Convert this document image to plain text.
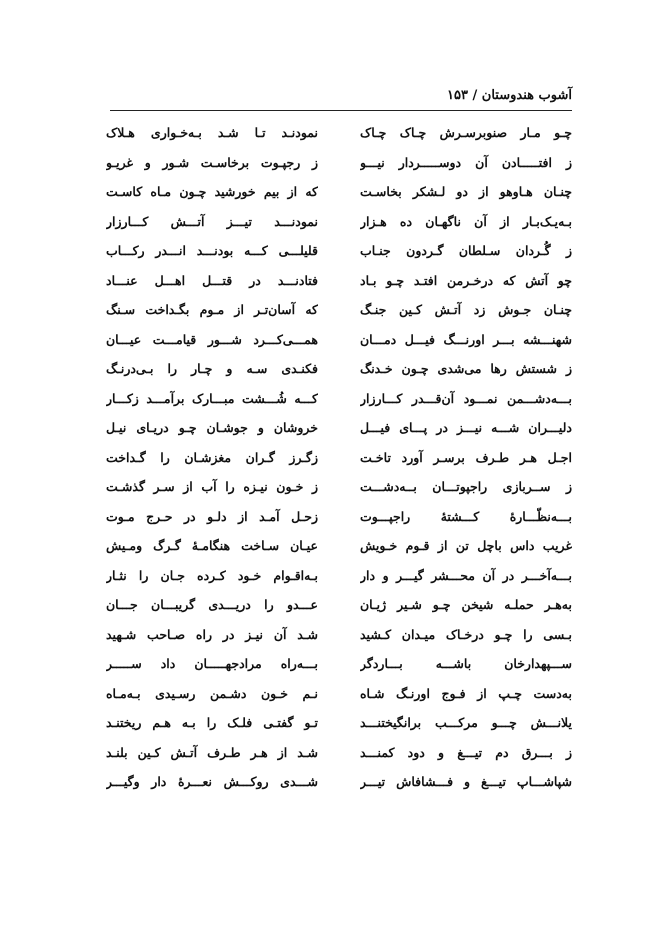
آشوب هندوستان / ۱۵۳
چـو مـار صنوبرسـرش چـاک چـاک
نمودنـد تـا شـد بـه‌خـواری هـلاک
ز افتـــــادن آن دوســـــردار نیـــو
ز رجپـوت برخاسـت شـور و غریـو
چنـان هـاوهو از دو لـشکر بخاسـت
که از بیم خورشید چـون مـاه کاسـت
بـه‌یـک‌بـار از آن ناگهـان ده هـزار
نمودنـــد تیـــز آتـــش کـــارزار
ز گُـردان سـلطان گـردون جنـاب
قلیلـــی کـــه بودنـــد انـــدر رکـــاب
چو آتش که درخـرمن افتـد چـو بـاد
فتادنـــد در قتـــل اهـــل عنـــاد
چنـان جـوش زد آتـش کـین جنـگ
که آسان‌تـر از مـوم بگـداخت سـنگ
شهنـــشه بـــر اورنـــگ فیـــل دمـــان
همـــی‌کـــرد شـــور قیامـــت عیـــان
ز شستش رها می‌شدی چـون خـدنگ
فکنـدی سـه و چـار را بـی‌درنـگ
بـــه‌دشـــمن نمـــود آن‌قـــدر کـــارزار
کـــه شُـــشت مبـــارک برآمـــد زکـــار
دلیـــران شـــه نیـــز در پـــای فیـــل
خروشان و جوشـان چـو دریـای نیـل
اجـل هـر طـرف برسـر آورد تاخـت
زگـرز گـران مغزشـان را گـداخت
ز ســربازی راجپوتـــان بــه‌دشـــت
ز خـون نیـزه را آب از سـر گذشـت
بـــه‌نظّـــارهٔ کـــشتهٔ راجپـــوت
زحـل آمـد از دلـو در حـرج مـوت
غریب داس باچل تن از قـوم خـویش
عیـان سـاخت هنگامـهٔ گـرگ ومـیش
بـــه‌آخـــر در آن محـــشر گیـــر و دار
بـه‌اقـوام خـود کـرده جـان را نثـار
به‌هـر حملـه شیخن چـو شـیر ژیـان
عـــدو را دریـــدی گریبـــان جـــان
بـسی را چـو درخـاک میـدان کـشید
شـد آن نیـز در راه صـاحب شـهید
ســـپهدارخان باشـــه بـــاردگر
بـــه‌راه مرادجهـــــان داد ســـــر
به‌دست چـپ از فـوج اورنـگ شـاه
نـم خـون دشـمن رسـیدی بـه‌مـاه
یلانـــش چـــو مرکـــب برانگیختنـــد
تـو گفتـی فلـک را بـه هـم ریختنـد
ز بـــرق دم تیـــغ و دود کمنـــد
شـد از هـر طـرف آتـش کـین بلنـد
شپاشـــاپ تیـــغ و فـــشافاش تیـــر
شـــدی روکـــش نعـــرهٔ دار وگیـــر
